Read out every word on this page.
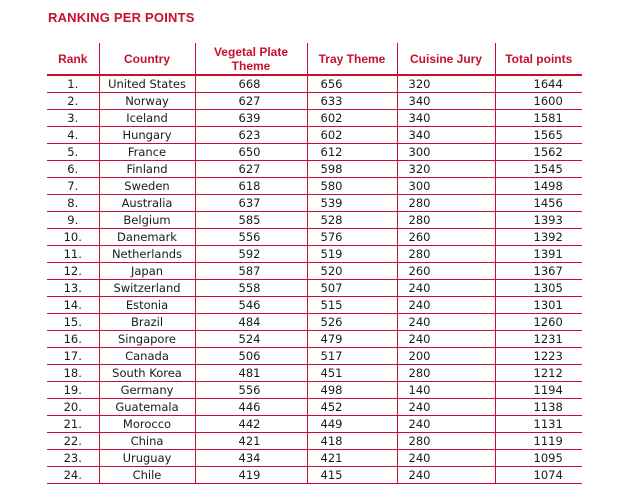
RANKING PER POINTS
Rank	Country	Vegetal Plate Theme	Tray Theme	Cuisine Jury	Total points
1.	United States	668	656	320	1644
2.	Norway	627	633	340	1600
3.	Iceland	639	602	340	1581
4.	Hungary	623	602	340	1565
5.	France	650	612	300	1562
6.	Finland	627	598	320	1545
7.	Sweden	618	580	300	1498
8.	Australia	637	539	280	1456
9.	Belgium	585	528	280	1393
10.	Danemark	556	576	260	1392
11.	Netherlands	592	519	280	1391
12.	Japan	587	520	260	1367
13.	Switzerland	558	507	240	1305
14.	Estonia	546	515	240	1301
15.	Brazil	484	526	240	1260
16.	Singapore	524	479	240	1231
17.	Canada	506	517	200	1223
18.	South Korea	481	451	280	1212
19.	Germany	556	498	140	1194
20.	Guatemala	446	452	240	1138
21.	Morocco	442	449	240	1131
22.	China	421	418	280	1119
23.	Uruguay	434	421	240	1095
24.	Chile	419	415	240	1074
